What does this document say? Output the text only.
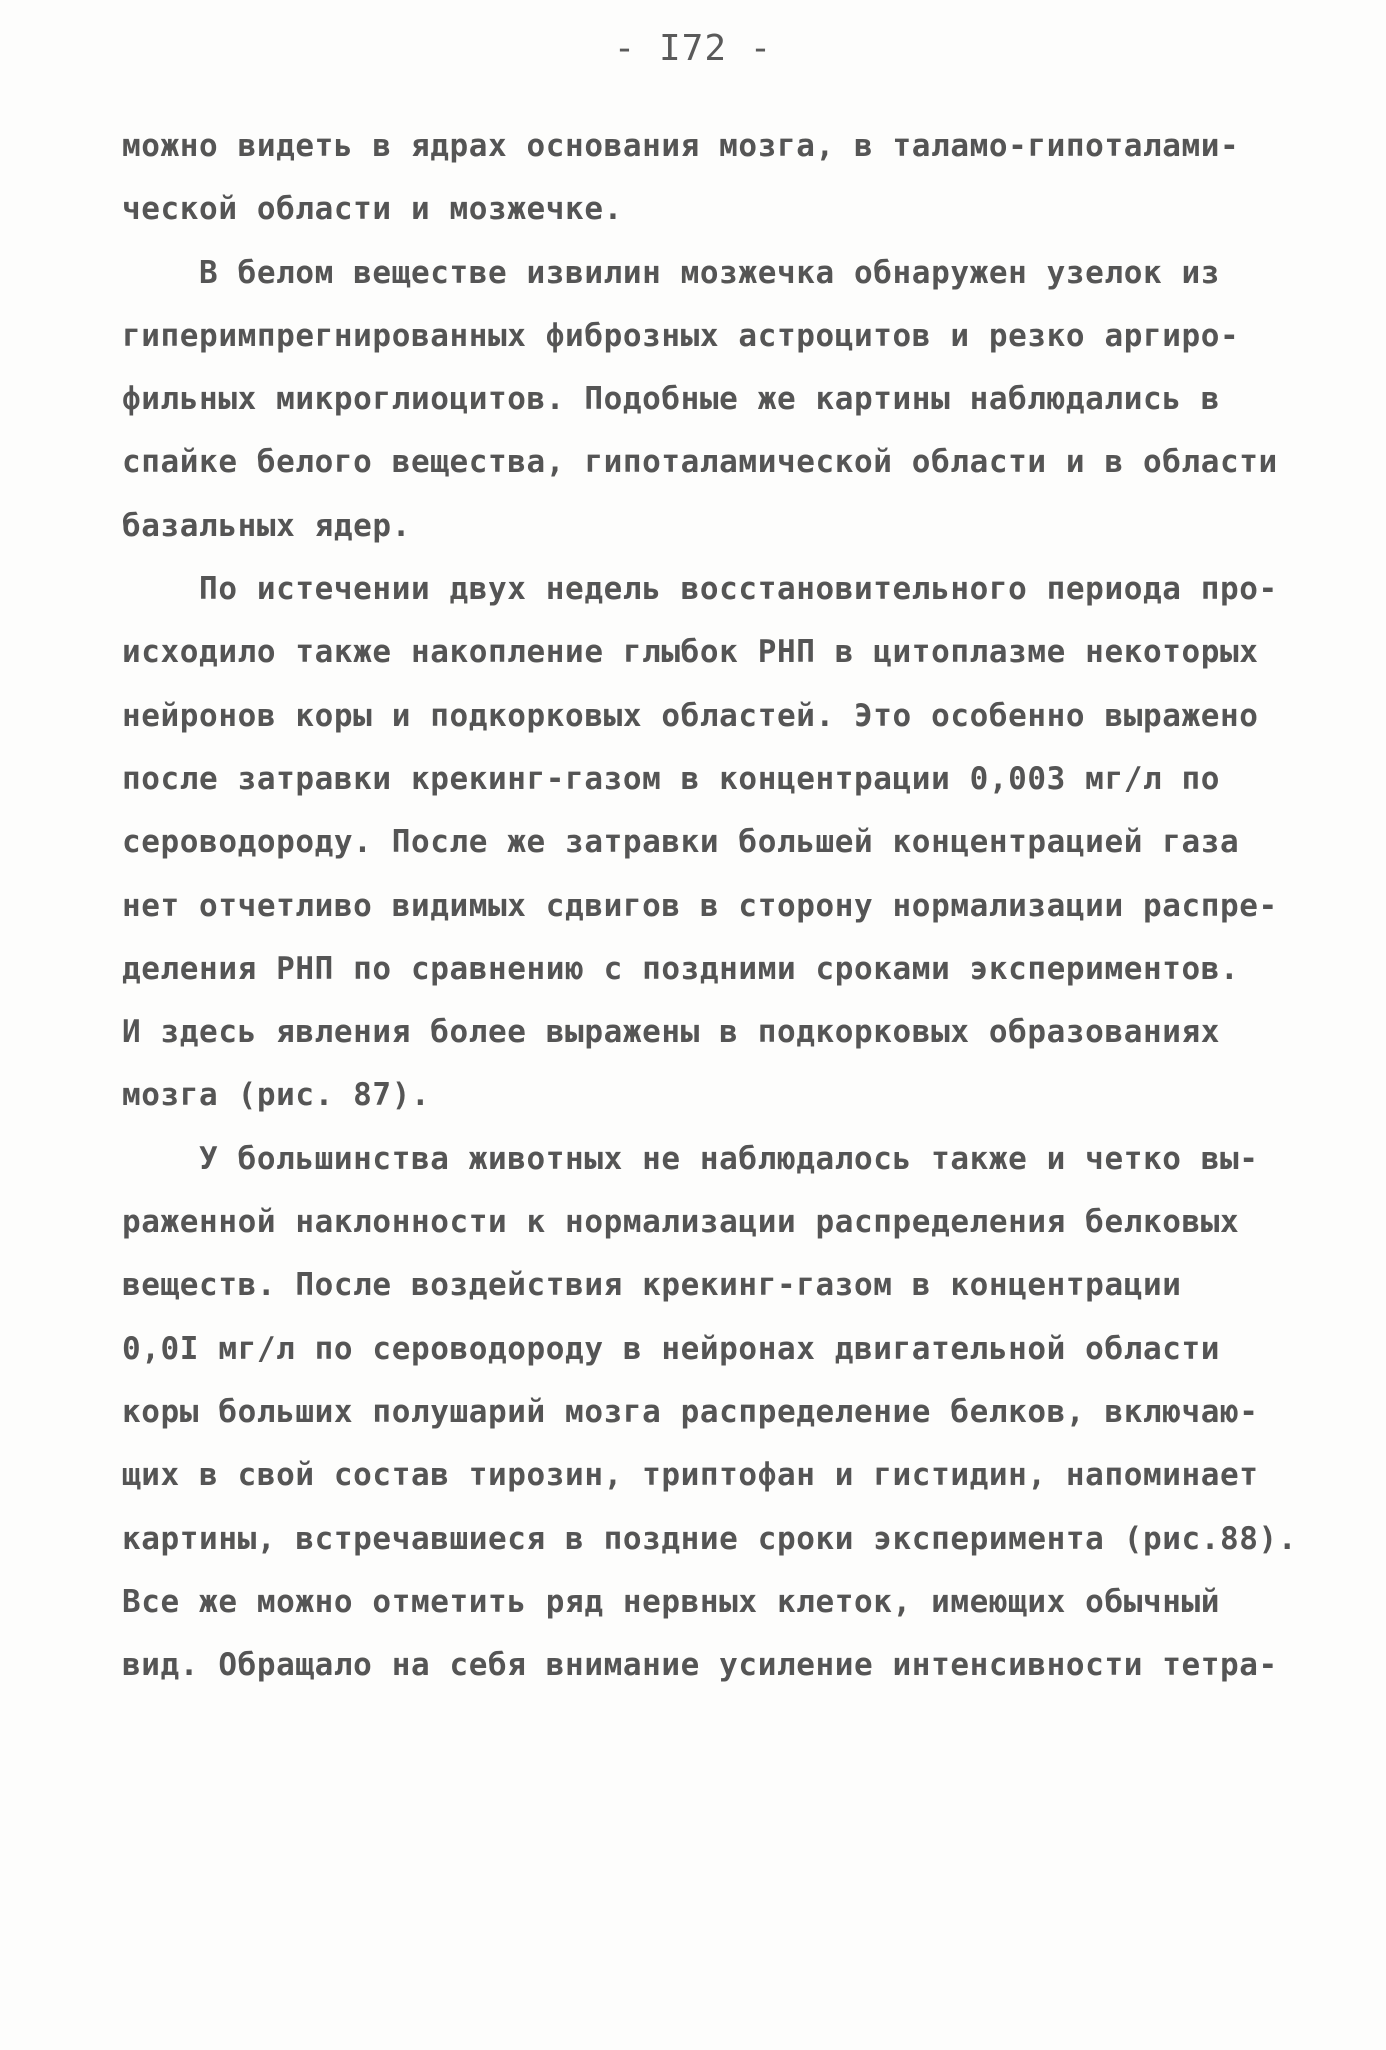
- I72 -
можно видеть в ядрах основания мозга, в таламо-гипоталами-
ческой области и мозжечке.
В белом веществе извилин мозжечка обнаружен узелок из
гиперимпрегнированных фиброзных астроцитов и резко аргиро-
фильных микроглиоцитов. Подобные же картины наблюдались в
спайке белого вещества, гипоталамической области и в области
базальных ядер.
По истечении двух недель восстановительного периода про-
исходило также накопление глыбок РНП в цитоплазме некоторых
нейронов коры и подкорковых областей. Это особенно выражено
после затравки крекинг-газом в концентрации 0,003 мг/л по
сероводороду. После же затравки большей концентрацией газа
нет отчетливо видимых сдвигов в сторону нормализации распре-
деления РНП по сравнению с поздними сроками экспериментов.
И здесь явления более выражены в подкорковых образованиях
мозга (рис. 87).
У большинства животных не наблюдалось также и четко вы-
раженной наклонности к нормализации распределения белковых
веществ. После воздействия крекинг-газом в концентрации
0,0I мг/л по сероводороду в нейронах двигательной области
коры больших полушарий мозга распределение белков, включаю-
щих в свой состав тирозин, триптофан и гистидин, напоминает
картины, встречавшиеся в поздние сроки эксперимента (рис.88).
Все же можно отметить ряд нервных клеток, имеющих обычный
вид. Обращало на себя внимание усиление интенсивности тетра-
